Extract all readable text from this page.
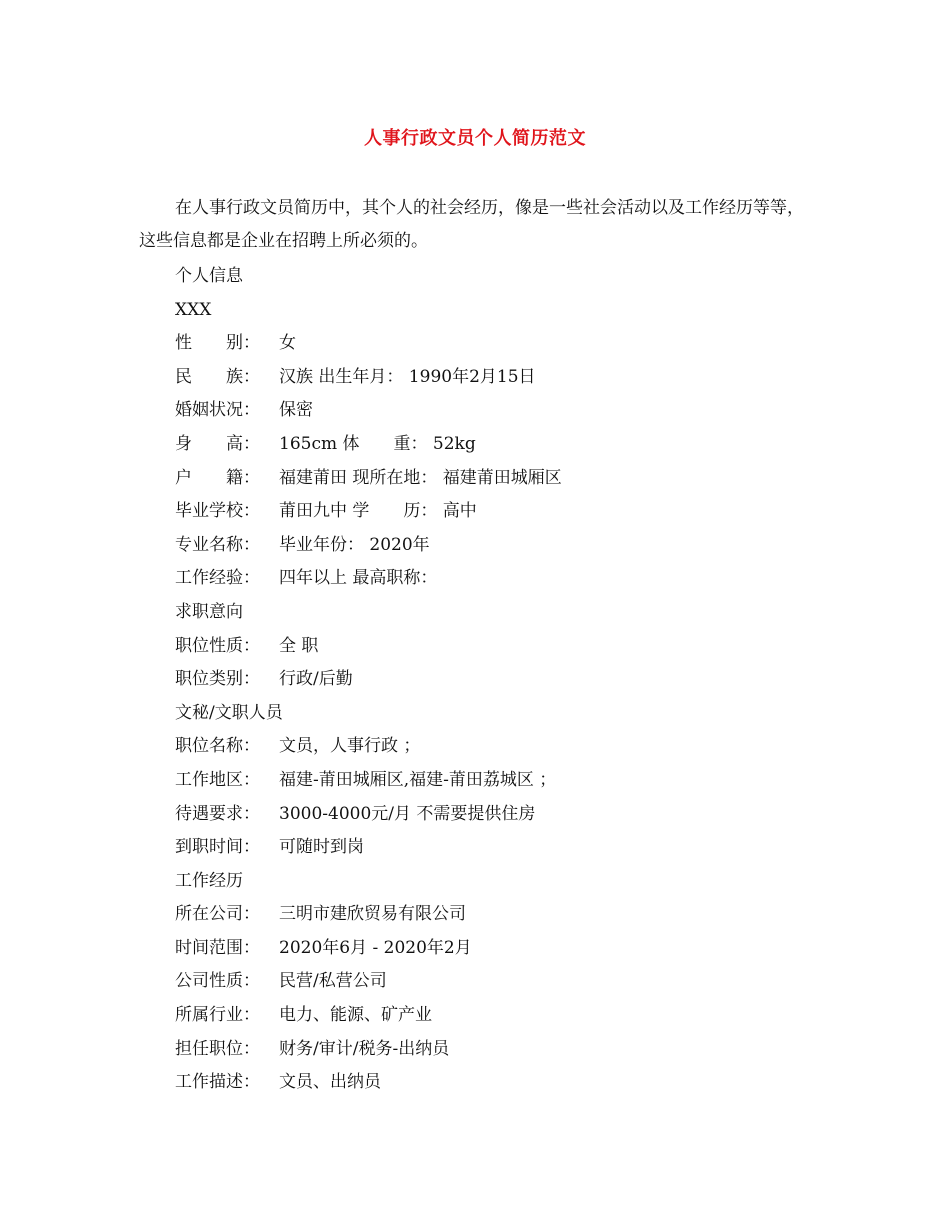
人事行政文员个人简历范文

在人事行政文员简历中，其个人的社会经历，像是一些社会活动以及工作经历等等，这些信息都是企业在招聘上所必须的。

个人信息
XXX
性　　别：	女
民　　族：	汉族 出生年月： 1990年2月15日
婚姻状况：	保密
身　　高：	165cm 体　　重： 52kg
户　　籍：	福建莆田 现所在地： 福建莆田城厢区
毕业学校：	莆田九中 学　　历： 高中
专业名称：	毕业年份： 2020年
工作经验：	四年以上 最高职称：
求职意向
职位性质：	全 职
职位类别：	行政/后勤
文秘/文职人员
职位名称：	文员，人事行政 ；
工作地区：	福建-莆田城厢区,福建-莆田荔城区 ；
待遇要求：	3000-4000元/月 不需要提供住房
到职时间：	可随时到岗
工作经历
所在公司：	三明市建欣贸易有限公司
时间范围：	2020年6月 - 2020年2月
公司性质：	民营/私营公司
所属行业：	电力、能源、矿产业
担任职位：	财务/审计/税务-出纳员
工作描述：	文员、出纳员
